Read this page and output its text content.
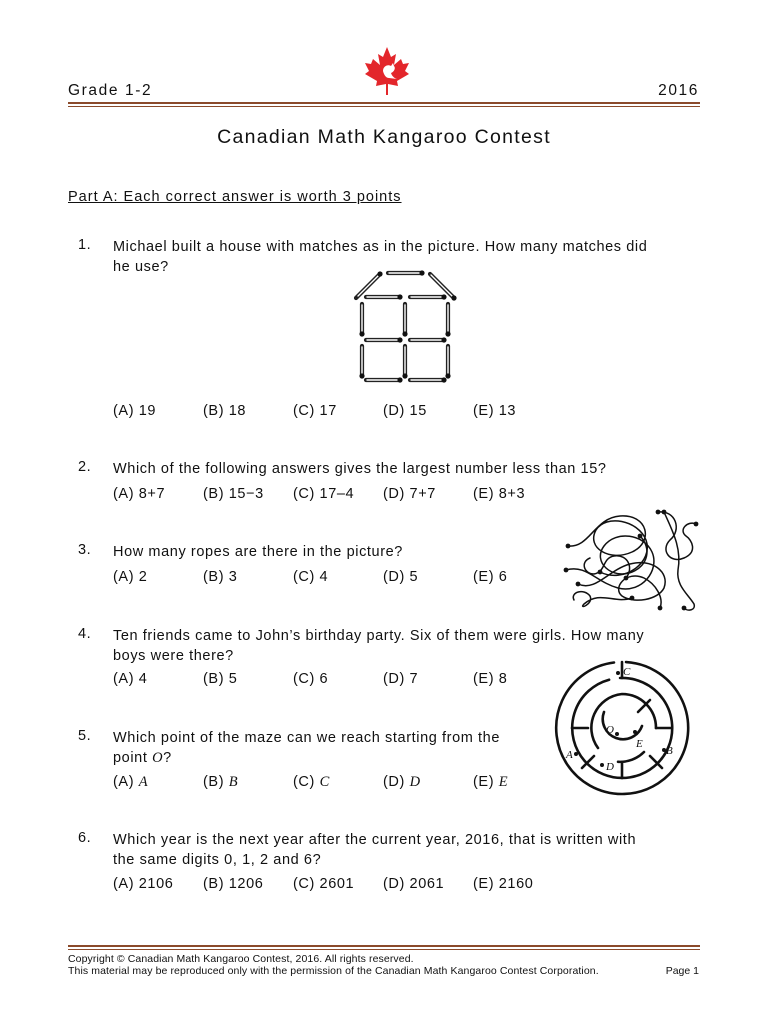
Grade 1-2	2016
Canadian Math Kangaroo Contest
Part A: Each correct answer is worth 3 points
1. Michael built a house with matches as in the picture. How many matches did
he use?
(A) 19	(B) 18	(C) 17	(D) 15	(E) 13
2. Which of the following answers gives the largest number less than 15?
(A) 8+7	(B) 15−3 (C) 17–4 (D) 7+7	(E) 8+3
3. How many ropes are there in the picture?
(A) 2	(B) 3	(C) 4	(D) 5	(E) 6
4. Ten friends came to John’s birthday party. Six of them were girls. How many
boys were there?
(A) 4	(B) 5	(C) 6	(D) 7	(E) 8
5. Which point of the maze can we reach starting from the
point O?
(A) A	(B) B	(C) C	(D) D	(E) E
C
O
E
A	B
D
6. Which year is the next year after the current year, 2016, that is written with
the same digits 0, 1, 2 and 6?
(A) 2106 (B) 1206 (C) 2601 (D) 2061 (E) 2160
Copyright © Canadian Math Kangaroo Contest, 2016. All rights reserved.
This material may be reproduced only with the permission of the Canadian Math Kangaroo Contest Corporation.	Page 1
